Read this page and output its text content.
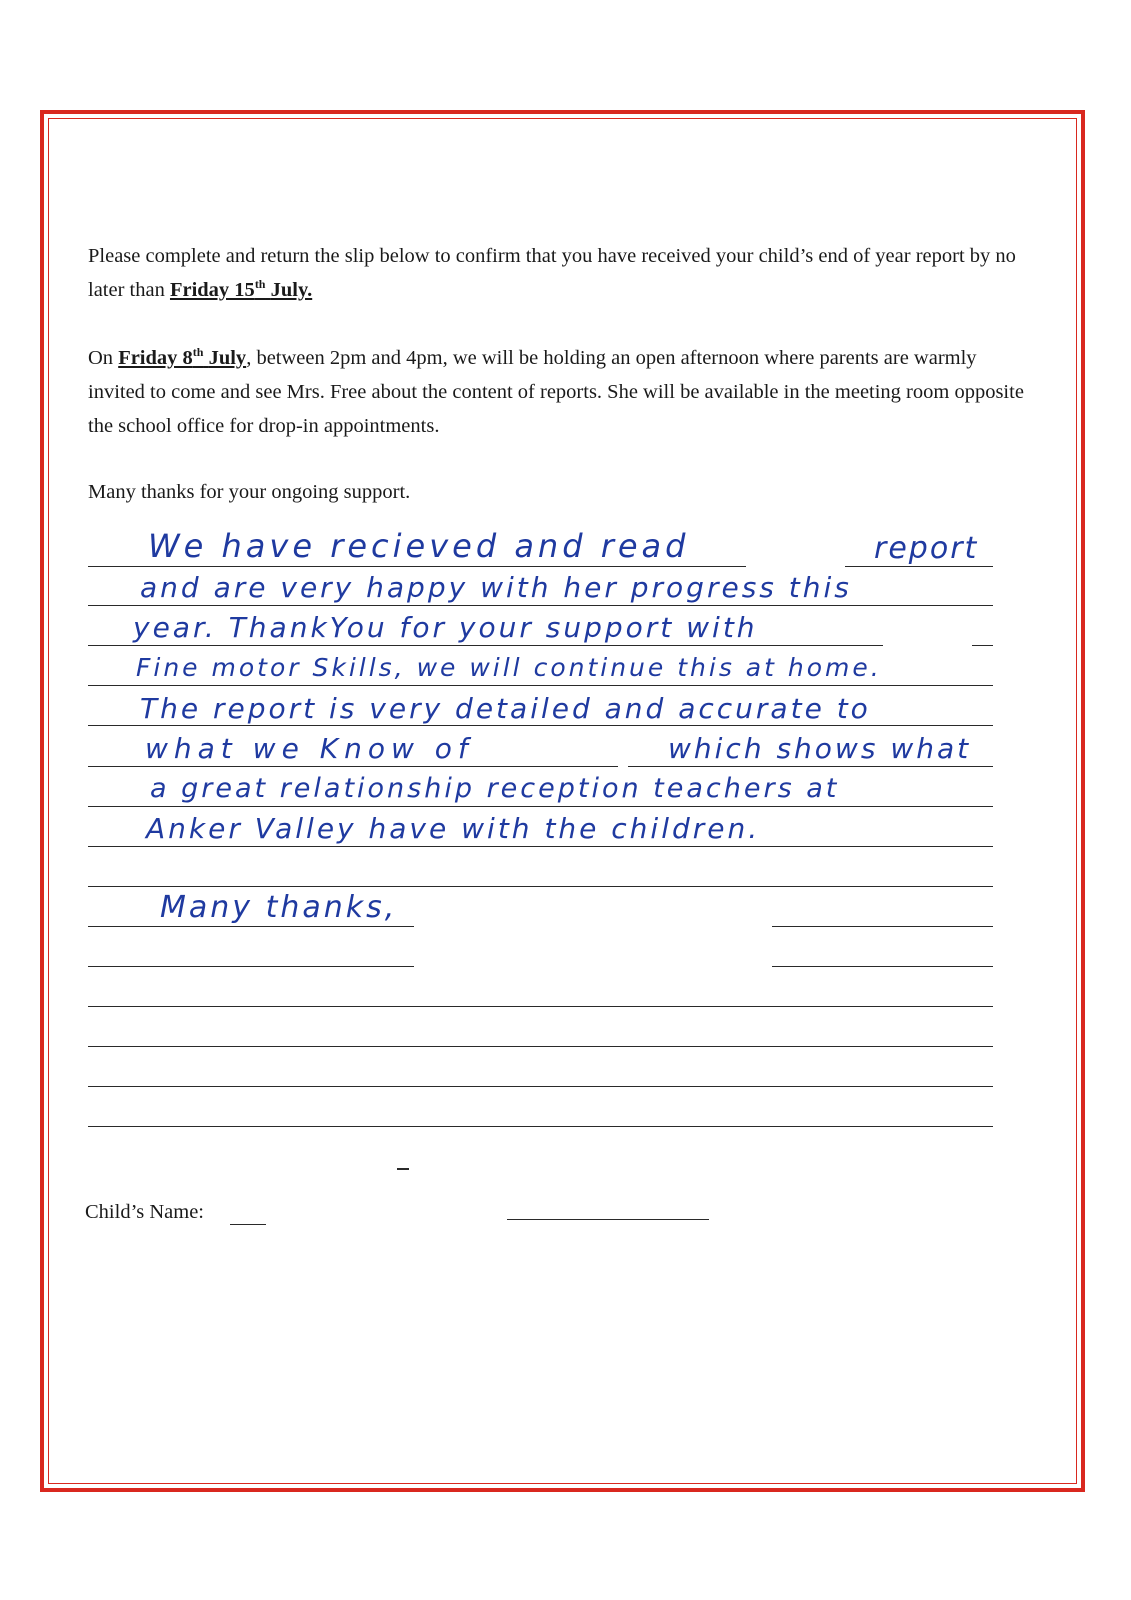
Please complete and return the slip below to confirm that you have received your child’s end of year report by no later than Friday 15th July.

On Friday 8th July, between 2pm and 4pm, we will be holding an open afternoon where parents are warmly invited to come and see Mrs. Free about the content of reports. She will be available in the meeting room opposite the school office for drop-in appointments.

Many thanks for your ongoing support.

We have recieved and read	report
and are very happy with her progress this
year. ThankYou for your support with
Fine motor Skills, we will continue this at home.
The report is very detailed and accurate to
what we Know of	which shows what
a great relationship reception teachers at
Anker Valley have with the children.
Many thanks,
Child’s Name:
